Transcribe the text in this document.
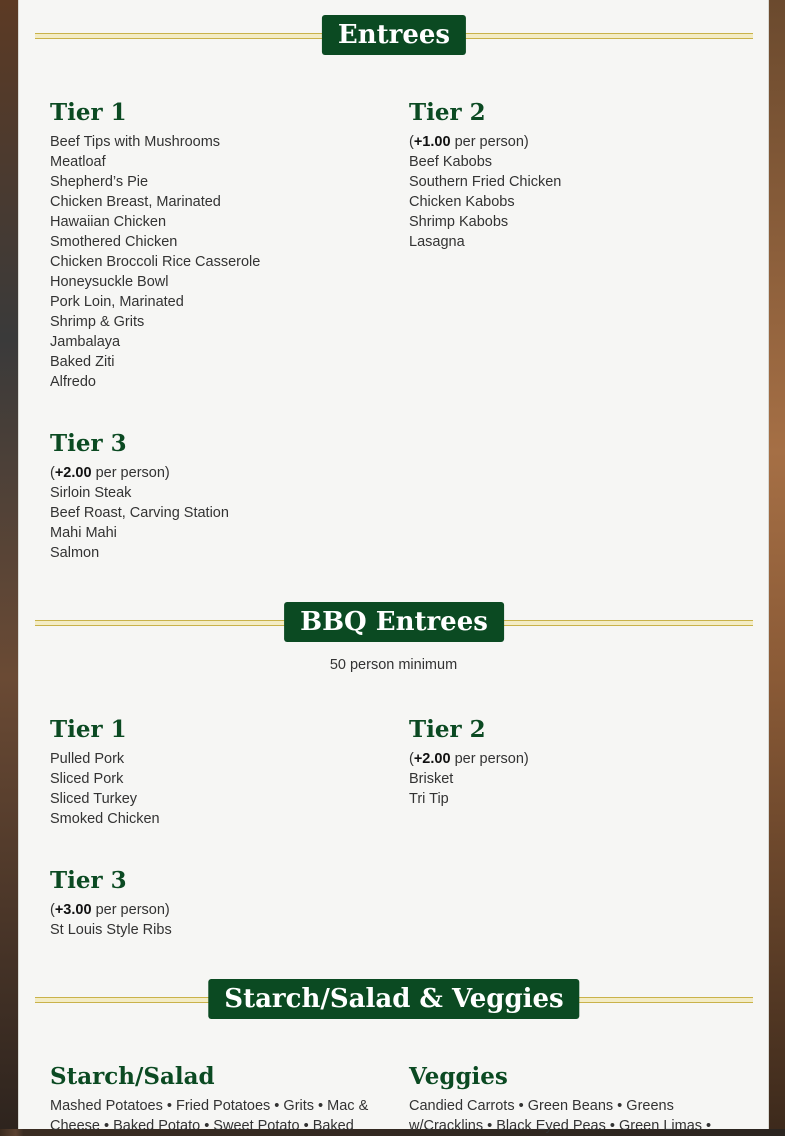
Entrees
Tier 1
Beef Tips with Mushrooms
Meatloaf
Shepherd’s Pie
Chicken Breast, Marinated
Hawaiian Chicken
Smothered Chicken
Chicken Broccoli Rice Casserole
Honeysuckle Bowl
Pork Loin, Marinated
Shrimp & Grits
Jambalaya
Baked Ziti
Alfredo
Tier 2
(+1.00 per person)
Beef Kabobs
Southern Fried Chicken
Chicken Kabobs
Shrimp Kabobs
Lasagna
Tier 3
(+2.00 per person)
Sirloin Steak
Beef Roast, Carving Station
Mahi Mahi
Salmon
BBQ Entrees
50 person minimum
Tier 1
Pulled Pork
Sliced Pork
Sliced Turkey
Smoked Chicken
Tier 2
(+2.00 per person)
Brisket
Tri Tip
Tier 3
(+3.00 per person)
St Louis Style Ribs
Starch/Salad & Veggies
Starch/Salad

Mashed Potatoes • Fried Potatoes • Grits • Mac & Cheese • Baked Potato • Sweet Potato • Baked

Veggies

Candied Carrots • Green Beans • Greens w/Cracklins • Black Eyed Peas • Green Limas •
